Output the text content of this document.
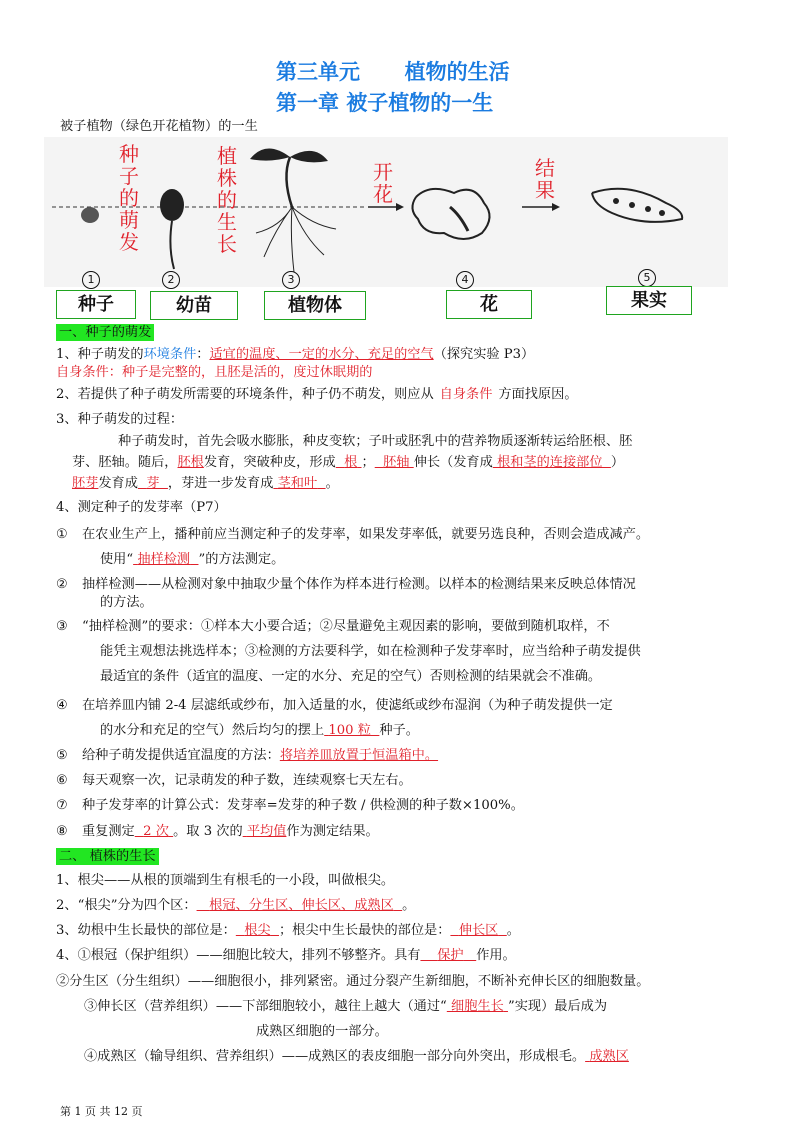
第三单元 植物的生活
第一章 被子植物的一生
被子植物（绿色开花植物）的一生
种子的萌发
植株的生长
开花
结果
1	2	3	4	5
种子	幼苗	植物体	花	果实
一、种子的萌发
1、种子萌发的环境条件：适宜的温度、一定的水分、充足的空气（探究实验 P3）
自身条件：种子是完整的，且胚是活的，度过休眠期的
2、若提供了种子萌发所需要的环境条件，种子仍不萌发，则应从 自身条件 方面找原因。
3、种子萌发的过程：
种子萌发时，首先会吸水膨胀，种皮变软；子叶或胚乳中的营养物质逐渐转运给胚根、胚
芽、胚轴。随后，胚根发育，突破种皮，形成 根 ； 胚轴 伸长（发育成 根和茎的连接部位 ）
胚芽发育成 芽 ，芽进一步发育成 茎和叶 。
4、测定种子的发芽率（P7）
① 在农业生产上，播种前应当测定种子的发芽率，如果发芽率低，就要另选良种，否则会造成减产。
使用“ 抽样检测 ”的方法测定。
② 抽样检测——从检测对象中抽取少量个体作为样本进行检测。以样本的检测结果来反映总体情况
的方法。
③ “抽样检测”的要求：①样本大小要合适；②尽量避免主观因素的影响，要做到随机取样，不
能凭主观想法挑选样本；③检测的方法要科学，如在检测种子发芽率时，应当给种子萌发提供
最适宜的条件（适宜的温度、一定的水分、充足的空气）否则检测的结果就会不准确。
④ 在培养皿内铺 2-4 层滤纸或纱布，加入适量的水，使滤纸或纱布湿润（为种子萌发提供一定
的水分和充足的空气）然后均匀的摆上 100 粒 种子。
⑤ 给种子萌发提供适宜温度的方法：将培养皿放置于恒温箱中。
⑥ 每天观察一次，记录萌发的种子数，连续观察七天左右。
⑦ 种子发芽率的计算公式：发芽率=发芽的种子数 / 供检测的种子数×100%。
⑧ 重复测定 2 次 。取 3 次的 平均值作为测定结果。
二、 植株的生长
1、根尖——从根的顶端到生有根毛的一小段，叫做根尖。
2、“根尖”分为四个区： 根冠、分生区、伸长区、成熟区 。
3、幼根中生长最快的部位是： 根尖 ；根尖中生长最快的部位是： 伸长区 。
4、①根冠（保护组织）——细胞比较大，排列不够整齐。具有 保护 作用。
②分生区（分生组织）——细胞很小，排列紧密。通过分裂产生新细胞，不断补充伸长区的细胞数量。
③伸长区（营养组织）——下部细胞较小，越往上越大（通过“ 细胞生长 ”实现）最后成为
成熟区细胞的一部分。
④成熟区（输导组织、营养组织）——成熟区的表皮细胞一部分向外突出，形成根毛。 成熟区
第 1 页 共 12 页
